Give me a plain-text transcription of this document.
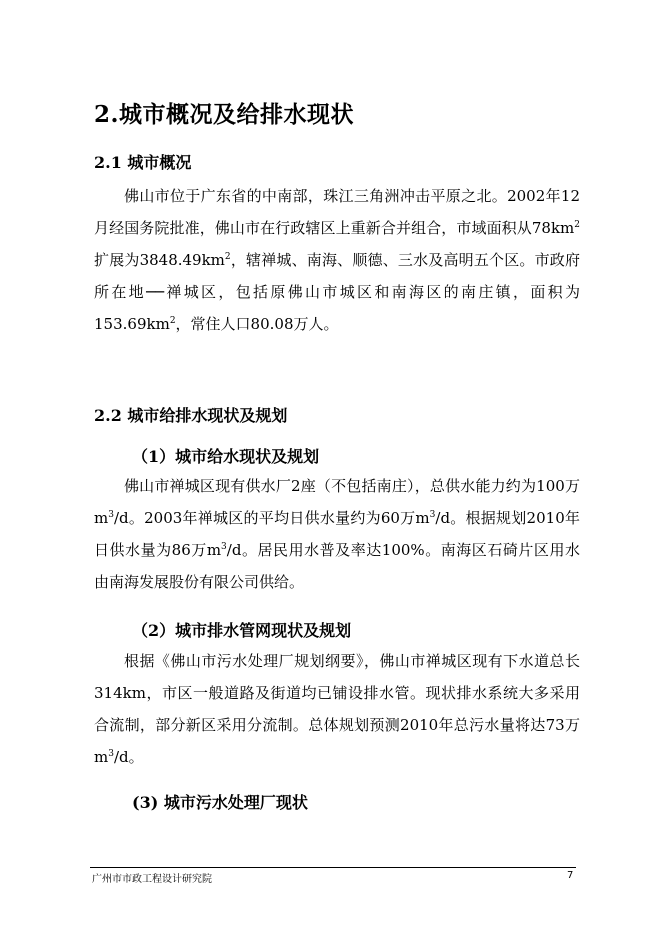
2.城市概况及给排水现状
2.1 城市概况

佛山市位于广东省的中南部，珠江三角洲冲击平原之北。2002年12月经国务院批准，佛山市在行政辖区上重新合并组合，市域面积从$78km^2$扩展为$3848.49km^2$，辖禅城、南海、顺德、三水及高明五个区。市政府所在地──禅城区，包括原佛山市城区和南海区的南庄镇，面积为$153.69km^2$，常住人口80.08万人。

2.2 城市给排水现状及规划
（1）城市给水现状及规划

佛山市禅城区现有供水厂2座（不包括南庄），总供水能力约为100万$m^3/d$。2003年禅城区的平均日供水量约为60万$m^3/d$。根据规划2010年日供水量为86万$m^3/d$。居民用水普及率达100%。南海区石碕片区用水由南海发展股份有限公司供给。

（2）城市排水管网现状及规划

根据《佛山市污水处理厂规划纲要》，佛山市禅城区现有下水道总长314km，市区一般道路及街道均已铺设排水管。现状排水系统大多采用合流制，部分新区采用分流制。总体规划预测2010年总污水量将达73万$m^3/d$。

(3) 城市污水处理厂现状
广州市市政工程设计研究院	7
